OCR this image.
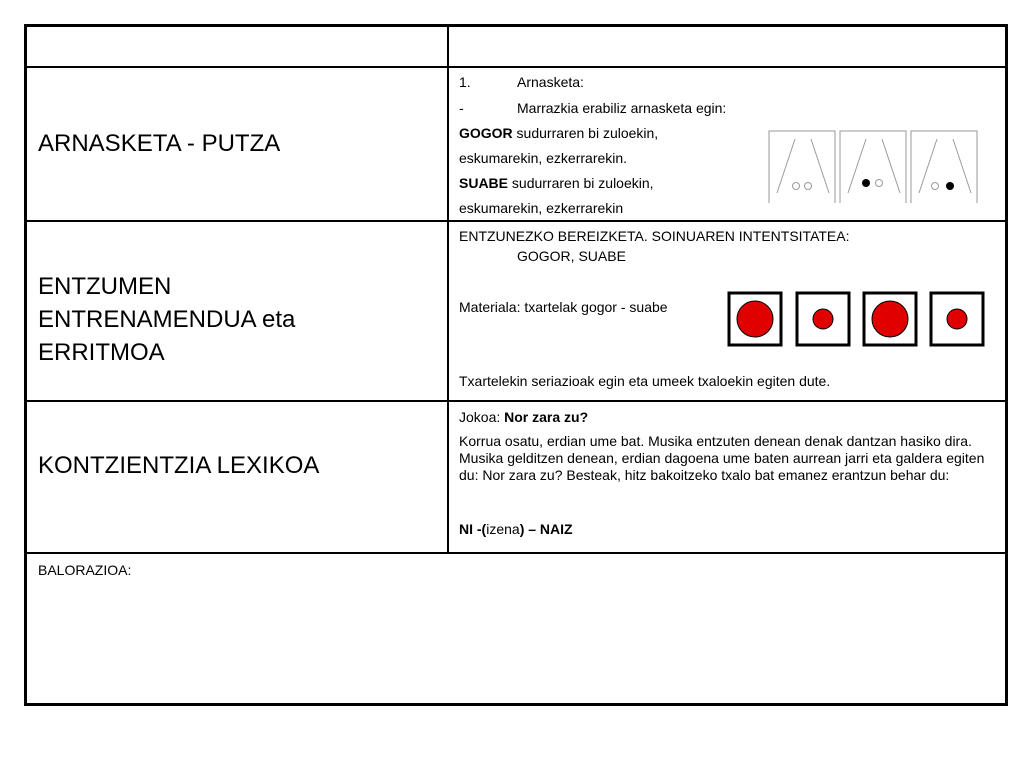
ARNASKETA - PUTZA
1.	Arnasketa:
-	Marrazkia erabiliz arnasketa egin:
GOGOR sudurraren bi zuloekin,
eskumarekin, ezkerrarekin.
SUABE sudurraren bi zuloekin,
eskumarekin, ezkerrarekin
ENTZUMEN
ENTRENAMENDUA eta
ERRITMOA
ENTZUNEZKO BEREIZKETA. SOINUAREN INTENTSITATEA:
GOGOR, SUABE
Materiala: txartelak gogor - suabe
Txartelekin seriazioak egin eta umeek txaloekin egiten dute.
KONTZIENTZIA LEXIKOA
Jokoa: Nor zara zu?
Korrua osatu, erdian ume bat. Musika entzuten denean denak dantzan hasiko dira. Musika gelditzen denean, erdian dagoena ume baten aurrean jarri eta galdera egiten du: Nor zara zu? Besteak, hitz bakoitzeko txalo bat emanez erantzun behar du:
NI -(izena) – NAIZ
BALORAZIOA:
